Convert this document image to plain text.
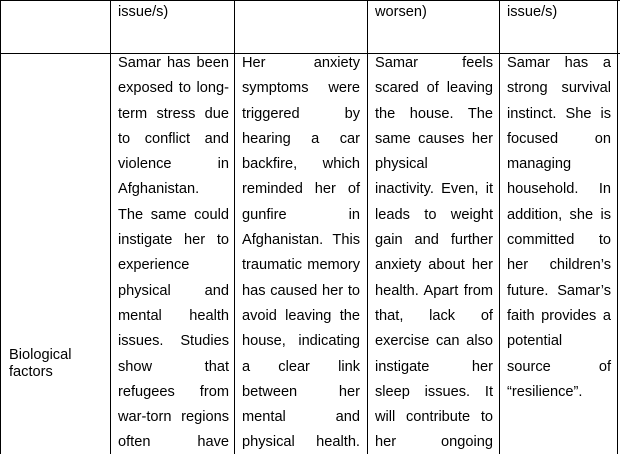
issue/s)	worsen)	issue/s)
Biological
factors
Samar has been
exposed to long-
term stress due
to conflict and
violence in
Afghanistan.
The same could
instigate her to
experience
physical and
mental health
issues. Studies
show that
refugees from
war-torn regions
often have
Her anxiety
symptoms were
triggered by
hearing a car
backfire, which
reminded her of
gunfire in
Afghanistan. This
traumatic memory
has caused her to
avoid leaving the
house, indicating
a clear link
between her
mental and
physical health.
Samar feels
scared of leaving
the house. The
same causes her
physical
inactivity. Even, it
leads to weight
gain and further
anxiety about her
health. Apart from
that, lack of
exercise can also
instigate her
sleep issues. It
will contribute to
her ongoing
Samar has a
strong survival
instinct. She is
focused on
managing
household. In
addition, she is
committed to
her children’s
future. Samar’s
faith provides a
potential
source of
“resilience”.
